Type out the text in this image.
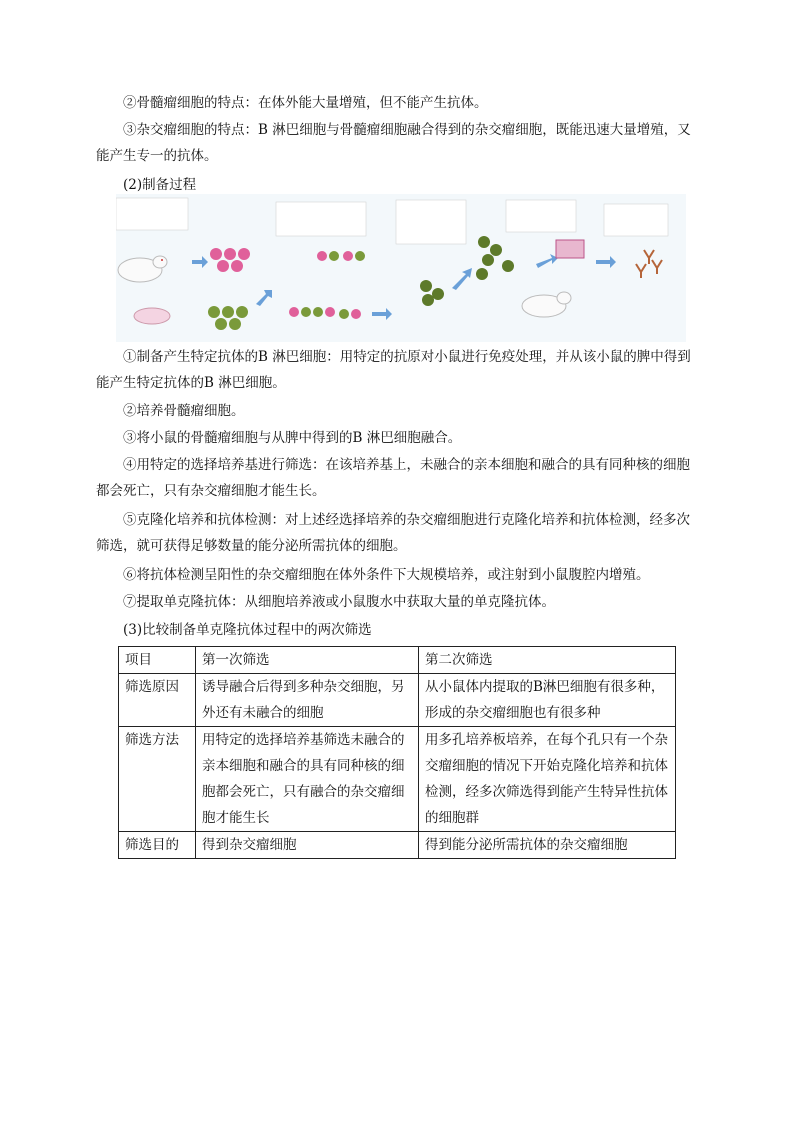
②骨髓瘤细胞的特点：在体外能大量增殖，但不能产生抗体。
③杂交瘤细胞的特点：B 淋巴细胞与骨髓瘤细胞融合得到的杂交瘤细胞，既能迅速大量增殖，又能产生专一的抗体。
(2)制备过程
①制备产生特定抗体的B 淋巴细胞：用特定的抗原对小鼠进行免疫处理，并从该小鼠的脾中得到能产生特定抗体的B 淋巴细胞。
②培养骨髓瘤细胞。
③将小鼠的骨髓瘤细胞与从脾中得到的B 淋巴细胞融合。
④用特定的选择培养基进行筛选：在该培养基上，未融合的亲本细胞和融合的具有同种核的细胞都会死亡，只有杂交瘤细胞才能生长。
⑤克隆化培养和抗体检测：对上述经选择培养的杂交瘤细胞进行克隆化培养和抗体检测，经多次筛选，就可获得足够数量的能分泌所需抗体的细胞。
⑥将抗体检测呈阳性的杂交瘤细胞在体外条件下大规模培养，或注射到小鼠腹腔内增殖。
⑦提取单克隆抗体：从细胞培养液或小鼠腹水中获取大量的单克隆抗体。
(3)比较制备单克隆抗体过程中的两次筛选
项目	第一次筛选	第二次筛选
筛选原因	诱导融合后得到多种杂交细胞，另外还有未融合的细胞	从小鼠体内提取的B淋巴细胞有很多种，形成的杂交瘤细胞也有很多种
筛选方法	用特定的选择培养基筛选未融合的亲本细胞和融合的具有同种核的细胞都会死亡，只有融合的杂交瘤细胞才能生长	用多孔培养板培养，在每个孔只有一个杂交瘤细胞的情况下开始克隆化培养和抗体检测，经多次筛选得到能产生特异性抗体的细胞群
筛选目的	得到杂交瘤细胞	得到能分泌所需抗体的杂交瘤细胞
